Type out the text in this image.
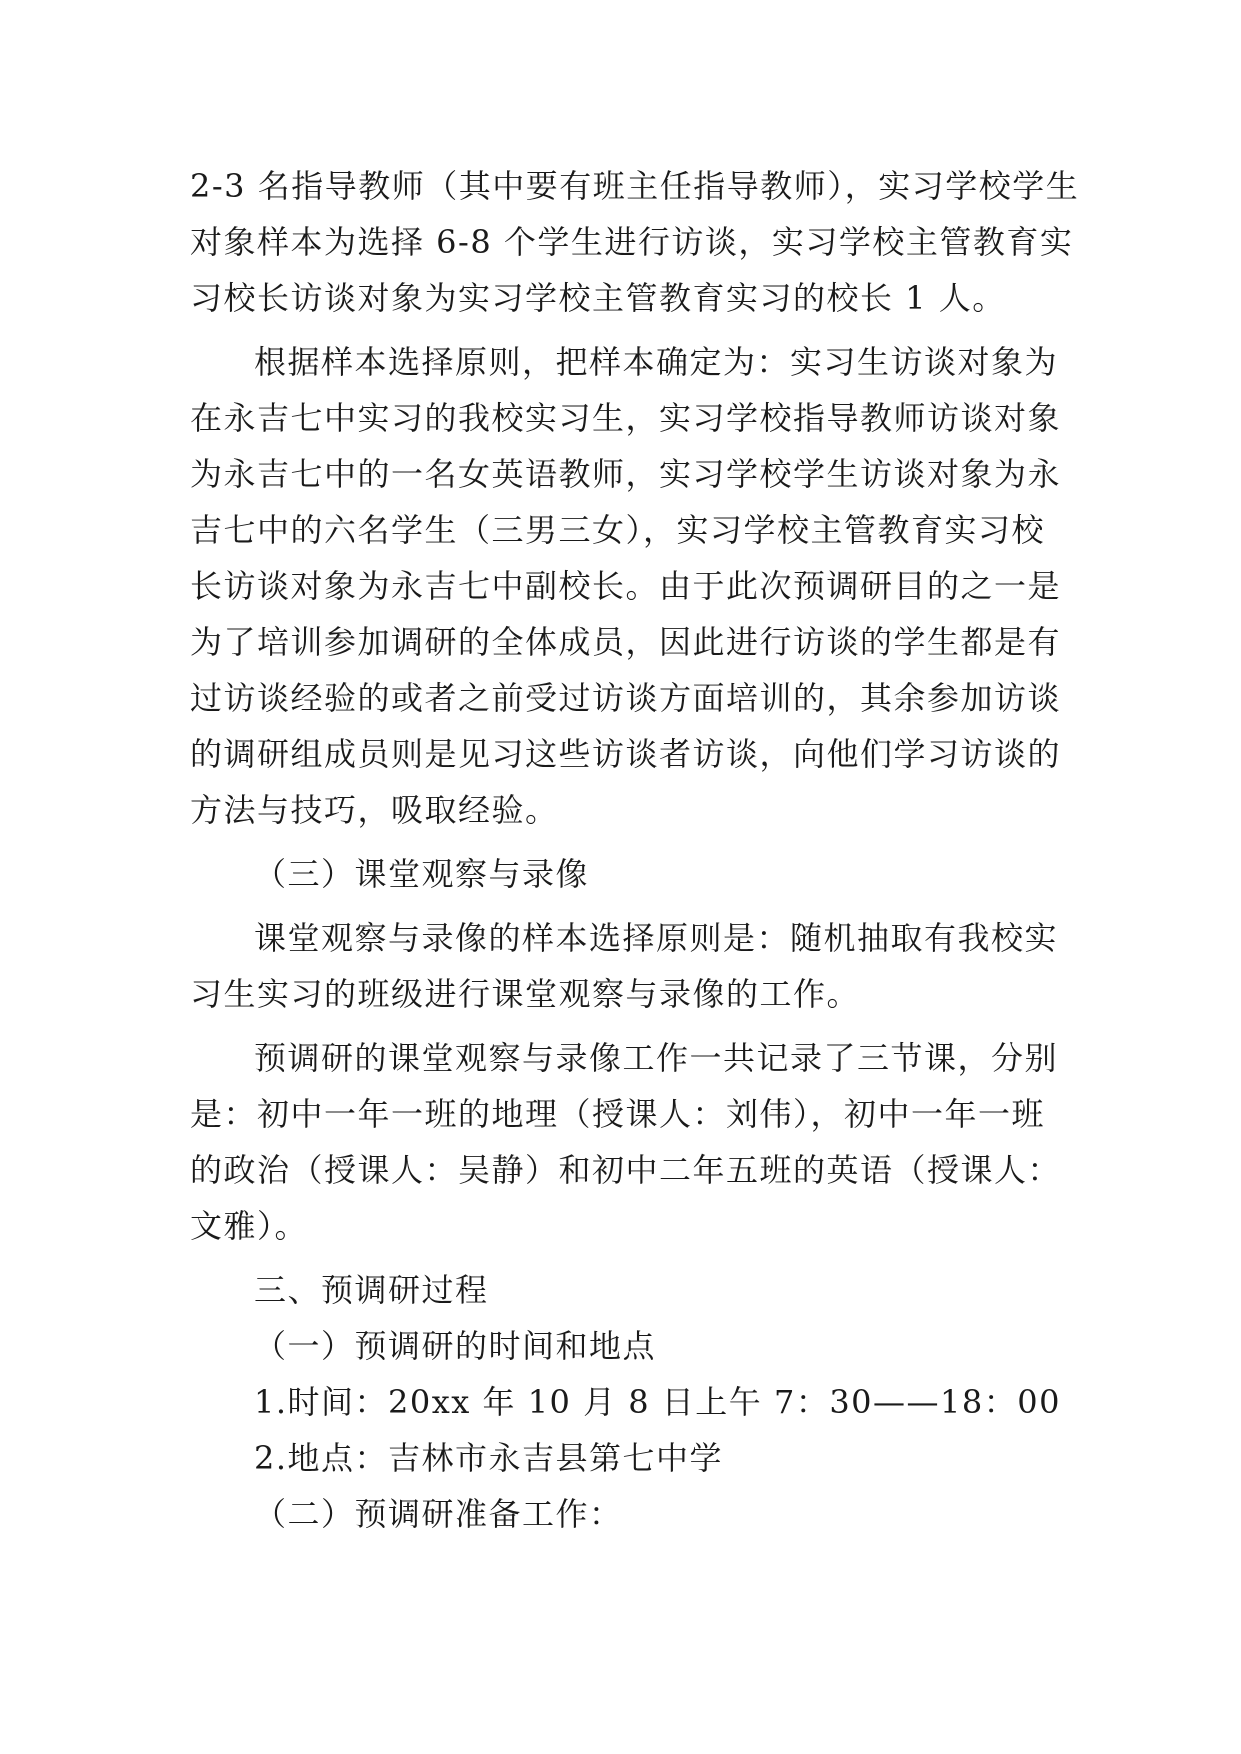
2-3 名指导教师（其中要有班主任指导教师），实习学校学生
对象样本为选择 6-8 个学生进行访谈，实习学校主管教育实
习校长访谈对象为实习学校主管教育实习的校长 1 人。
根据样本选择原则，把样本确定为：实习生访谈对象为
在永吉七中实习的我校实习生，实习学校指导教师访谈对象
为永吉七中的一名女英语教师，实习学校学生访谈对象为永
吉七中的六名学生（三男三女），实习学校主管教育实习校
长访谈对象为永吉七中副校长。由于此次预调研目的之一是
为了培训参加调研的全体成员，因此进行访谈的学生都是有
过访谈经验的或者之前受过访谈方面培训的，其余参加访谈
的调研组成员则是见习这些访谈者访谈，向他们学习访谈的
方法与技巧，吸取经验。
（三）课堂观察与录像
课堂观察与录像的样本选择原则是：随机抽取有我校实
习生实习的班级进行课堂观察与录像的工作。
预调研的课堂观察与录像工作一共记录了三节课，分别
是：初中一年一班的地理（授课人：刘伟），初中一年一班
的政治（授课人：吴静）和初中二年五班的英语（授课人：
文雅）。
三、预调研过程
（一）预调研的时间和地点
1.时间：20xx 年 10 月 8 日上午 7：30——18：00
2.地点：吉林市永吉县第七中学
（二）预调研准备工作：
